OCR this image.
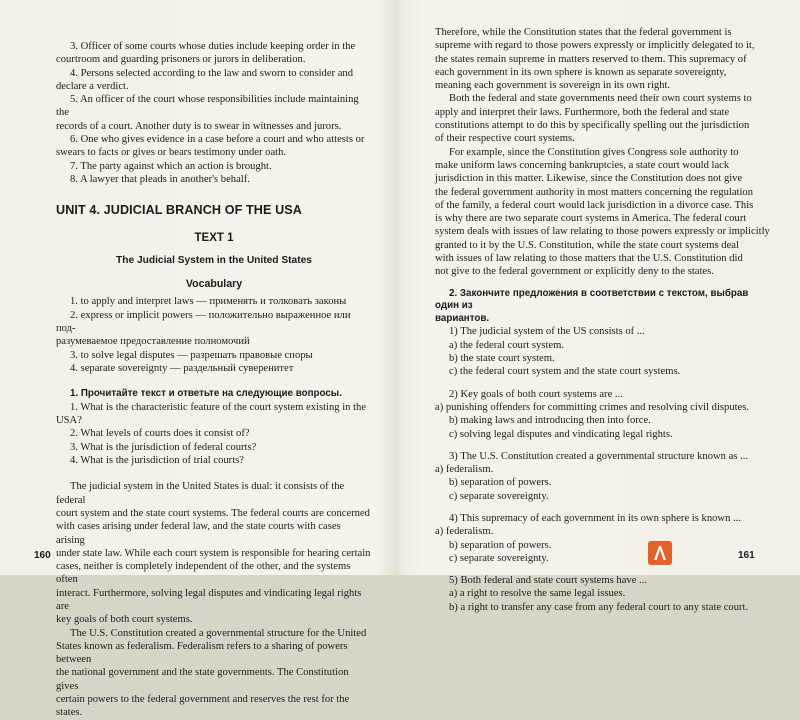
3. Officer of some courts whose duties include keeping order in the

courtroom and guarding prisoners or jurors in deliberation.

4. Persons selected according to the law and sworn to consider and

declare a verdict.

5. An officer of the court whose responsibilities include maintaining the

records of a court. Another duty is to swear in witnesses and jurors.

6. One who gives evidence in a case before a court and who attests or

swears to facts or gives or bears testimony under oath.

7. The party against which an action is brought.

8. A lawyer that pleads in another's behalf.

UNIT 4. JUDICIAL BRANCH OF THE USA

TEXT 1

The Judicial System in the United States

Vocabulary

1. to apply and interpret laws — применять и толковать законы

2. express or implicit powers — положительно выраженное или под-

разумеваемое предоставление полномочий

3. to solve legal disputes — разрешать правовые споры

4. separate sovereignty — раздельный суверенитет

1. Прочитайте текст и ответьте на следующие вопросы.

1. What is the characteristic feature of the court system existing in the

USA?

2. What levels of courts does it consist of?

3. What is the jurisdiction of federal courts?

4. What is the jurisdiction of trial courts?

The judicial system in the United States is dual: it consists of the federal

court system and the state court systems. The federal courts are concerned

with cases arising under federal law, and the state courts with cases arising

under state law. While each court system is responsible for hearing certain

cases, neither is completely independent of the other, and the systems often

interact. Furthermore, solving legal disputes and vindicating legal rights are

key goals of both court systems.

The U.S. Constitution created a governmental structure for the United

States known as federalism. Federalism refers to a sharing of powers between

the national government and the state governments. The Constitution gives

certain powers to the federal government and reserves the rest for the states.

160

Therefore, while the Constitution states that the federal government is

supreme with regard to those powers expressly or implicitly delegated to it,

the states remain supreme in matters reserved to them. This supremacy of

each government in its own sphere is known as separate sovereignty,

meaning each government is sovereign in its own right.

Both the federal and state governments need their own court systems to

apply and interpret their laws. Furthermore, both the federal and state

constitutions attempt to do this by specifically spelling out the jurisdiction

of their respective court systems.

For example, since the Constitution gives Congress sole authority to

make uniform laws concerning bankruptcies, a state court would lack

jurisdiction in this matter. Likewise, since the Constitution does not give

the federal government authority in most matters concerning the regulation

of the family, a federal court would lack jurisdiction in a divorce case. This

is why there are two separate court systems in America. The federal court

system deals with issues of law relating to those powers expressly or implicitly

granted to it by the U.S. Constitution, while the state court systems deal

with issues of law relating to those matters that the U.S. Constitution did

not give to the federal government or explicitly deny to the states.

2. Закончите предложения в соответствии с текстом, выбрав один из

вариантов.

1) The judicial system of the US consists of ...

a) the federal court system.

b) the state court system.

c) the federal court system and the state court systems.

2) Key goals of both court systems are ...

a) punishing offenders for committing crimes and resolving civil disputes.

b) making laws and introducing then into force.

c) solving legal disputes and vindicating legal rights.

3) The U.S. Constitution created a governmental structure known as ...

a) federalism.

b) separation of powers.

c) separate sovereignty.

4) This supremacy of each government in its own sphere is known ...

a) federalism.

b) separation of powers.

c) separate sovereignty.

5) Both federal and state court systems have ...

a) a right to resolve the same legal issues.

b) a right to transfer any case from any federal court to any state court.

161
